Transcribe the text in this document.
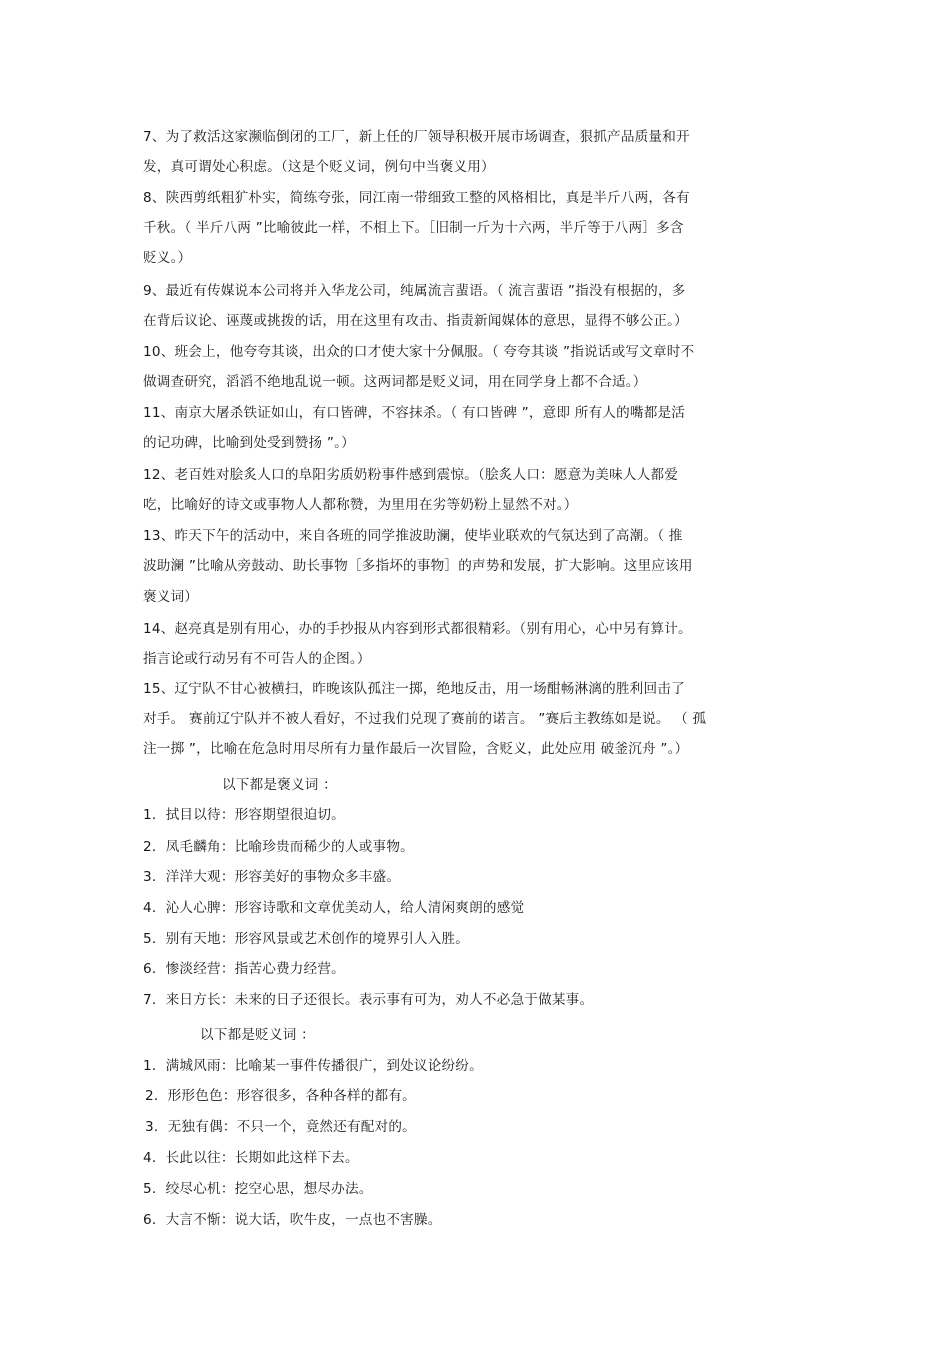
7、为了救活这家濒临倒闭的工厂，新上任的厂领导积极开展市场调查，狠抓产品质量和开
发，真可谓处心积虑。（这是个贬义词，例句中当褒义用）
8、陕西剪纸粗犷朴实，简练夸张，同江南一带细致工整的风格相比，真是半斤八两，各有
千秋。（ 半斤八两 ”比喻彼此一样，不相上下。［旧制一斤为十六两，半斤等于八两］多含
贬义。）
9、最近有传媒说本公司将并入华龙公司，纯属流言蜚语。（ 流言蜚语 ”指没有根据的，多
在背后议论、诬蔑或挑拨的话，用在这里有攻击、指责新闻媒体的意思，显得不够公正。）
10、班会上，他夸夸其谈，出众的口才使大家十分佩服。（ 夸夸其谈 ”指说话或写文章时不
做调查研究，滔滔不绝地乱说一顿。这两词都是贬义词，用在同学身上都不合适。）
11、南京大屠杀铁证如山，有口皆碑，不容抹杀。（ 有口皆碑 ”，意即 所有人的嘴都是活
的记功碑，比喻到处受到赞扬 ”。）
12、老百姓对脍炙人口的阜阳劣质奶粉事件感到震惊。（脍炙人口：愿意为美味人人都爱
吃，比喻好的诗文或事物人人都称赞，为里用在劣等奶粉上显然不对。）
13、昨天下午的活动中，来自各班的同学推波助澜，使毕业联欢的气氛达到了高潮。（ 推
波助澜 ”比喻从旁鼓动、助长事物［多指坏的事物］的声势和发展，扩大影响。这里应该用
褒义词）
14、赵亮真是别有用心，办的手抄报从内容到形式都很精彩。（别有用心，心中另有算计。
指言论或行动另有不可告人的企图。）
15、辽宁队不甘心被横扫，昨晚该队孤注一掷，绝地反击，用一场酣畅淋漓的胜利回击了
对手。 赛前辽宁队并不被人看好，不过我们兑现了赛前的诺言。 ”赛后主教练如是说。 （ 孤
注一掷 ”，比喻在危急时用尽所有力量作最后一次冒险，含贬义，此处应用 破釜沉舟 ”。）
以下都是褒义词 ：
1．拭目以待：形容期望很迫切。
2．凤毛麟角：比喻珍贵而稀少的人或事物。
3．洋洋大观：形容美好的事物众多丰盛。
4．沁人心脾：形容诗歌和文章优美动人，给人清闲爽朗的感觉
5．别有天地：形容风景或艺术创作的境界引人入胜。
6．惨淡经营：指苦心费力经营。
7．来日方长：未来的日子还很长。表示事有可为，劝人不必急于做某事。
以下都是贬义词 ：
1．满城风雨：比喻某一事件传播很广，到处议论纷纷。
2．形形色色：形容很多，各种各样的都有。
3．无独有偶：不只一个，竟然还有配对的。
4．长此以往：长期如此这样下去。
5．绞尽心机：挖空心思，想尽办法。
6．大言不惭：说大话，吹牛皮，一点也不害臊。
